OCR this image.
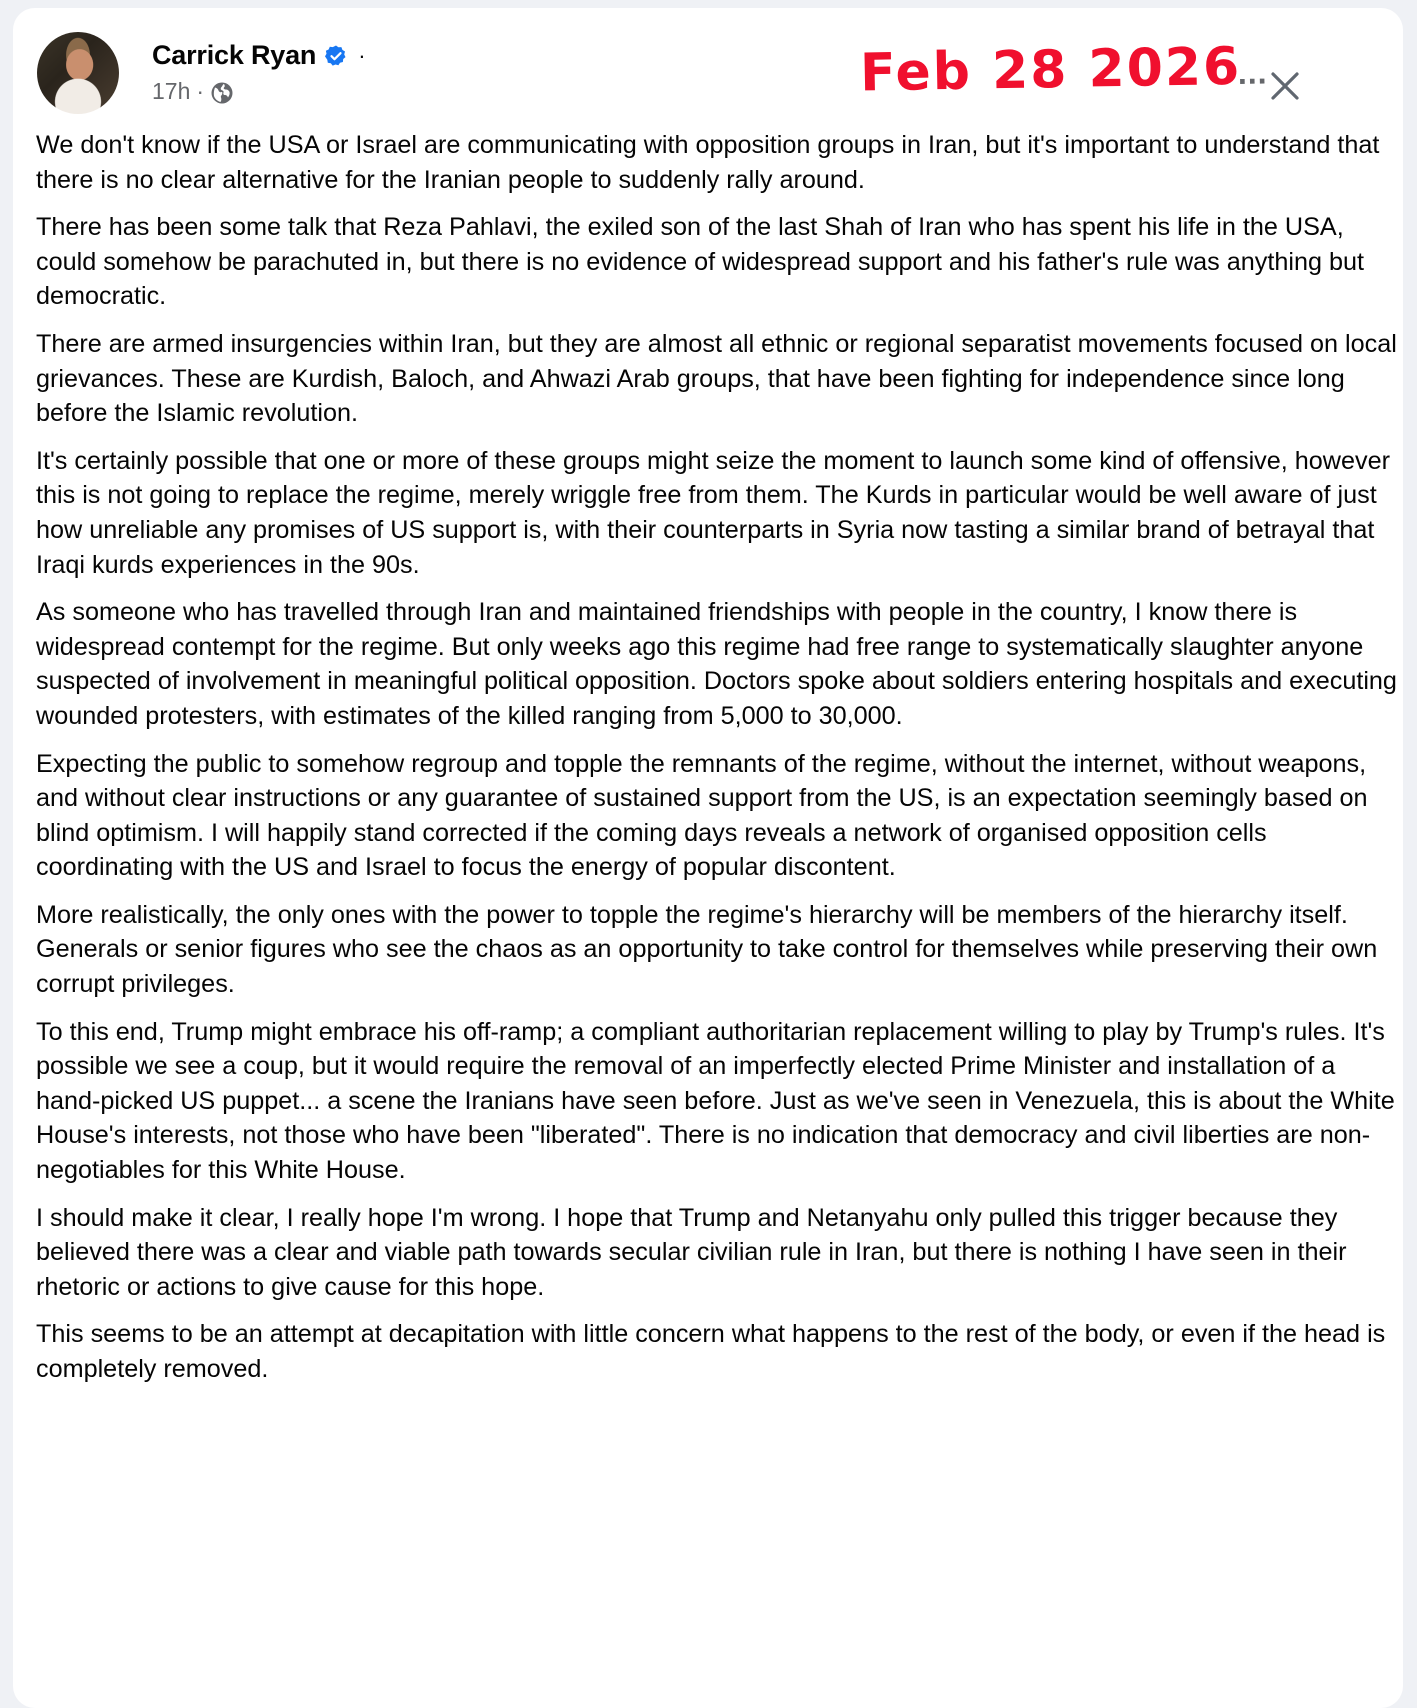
Carrick Ryan ·
17h ·	Feb 28 2026...

We don't know if the USA or Israel are communicating with opposition groups in Iran, but it's important to understand that there is no clear alternative for the Iranian people to suddenly rally around.

There has been some talk that Reza Pahlavi, the exiled son of the last Shah of Iran who has spent his life in the USA, could somehow be parachuted in, but there is no evidence of widespread support and his father's rule was anything but democratic.

There are armed insurgencies within Iran, but they are almost all ethnic or regional separatist movements focused on local grievances. These are Kurdish, Baloch, and Ahwazi Arab groups, that have been fighting for independence since long before the Islamic revolution.

It's certainly possible that one or more of these groups might seize the moment to launch some kind of offensive, however this is not going to replace the regime, merely wriggle free from them. The Kurds in particular would be well aware of just how unreliable any promises of US support is, with their counterparts in Syria now tasting a similar brand of betrayal that Iraqi kurds experiences in the 90s.

As someone who has travelled through Iran and maintained friendships with people in the country, I know there is widespread contempt for the regime. But only weeks ago this regime had free range to systematically slaughter anyone suspected of involvement in meaningful political opposition. Doctors spoke about soldiers entering hospitals and executing wounded protesters, with estimates of the killed ranging from 5,000 to 30,000.

Expecting the public to somehow regroup and topple the remnants of the regime, without the internet, without weapons, and without clear instructions or any guarantee of sustained support from the US, is an expectation seemingly based on blind optimism. I will happily stand corrected if the coming days reveals a network of organised opposition cells coordinating with the US and Israel to focus the energy of popular discontent.

More realistically, the only ones with the power to topple the regime's hierarchy will be members of the hierarchy itself. Generals or senior figures who see the chaos as an opportunity to take control for themselves while preserving their own corrupt privileges.

To this end, Trump might embrace his off-ramp; a compliant authoritarian replacement willing to play by Trump's rules. It's possible we see a coup, but it would require the removal of an imperfectly elected Prime Minister and installation of a hand-picked US puppet... a scene the Iranians have seen before. Just as we've seen in Venezuela, this is about the White House's interests, not those who have been "liberated". There is no indication that democracy and civil liberties are non-negotiables for this White House.

I should make it clear, I really hope I'm wrong. I hope that Trump and Netanyahu only pulled this trigger because they believed there was a clear and viable path towards secular civilian rule in Iran, but there is nothing I have seen in their rhetoric or actions to give cause for this hope.

This seems to be an attempt at decapitation with little concern what happens to the rest of the body, or even if the head is completely removed.
